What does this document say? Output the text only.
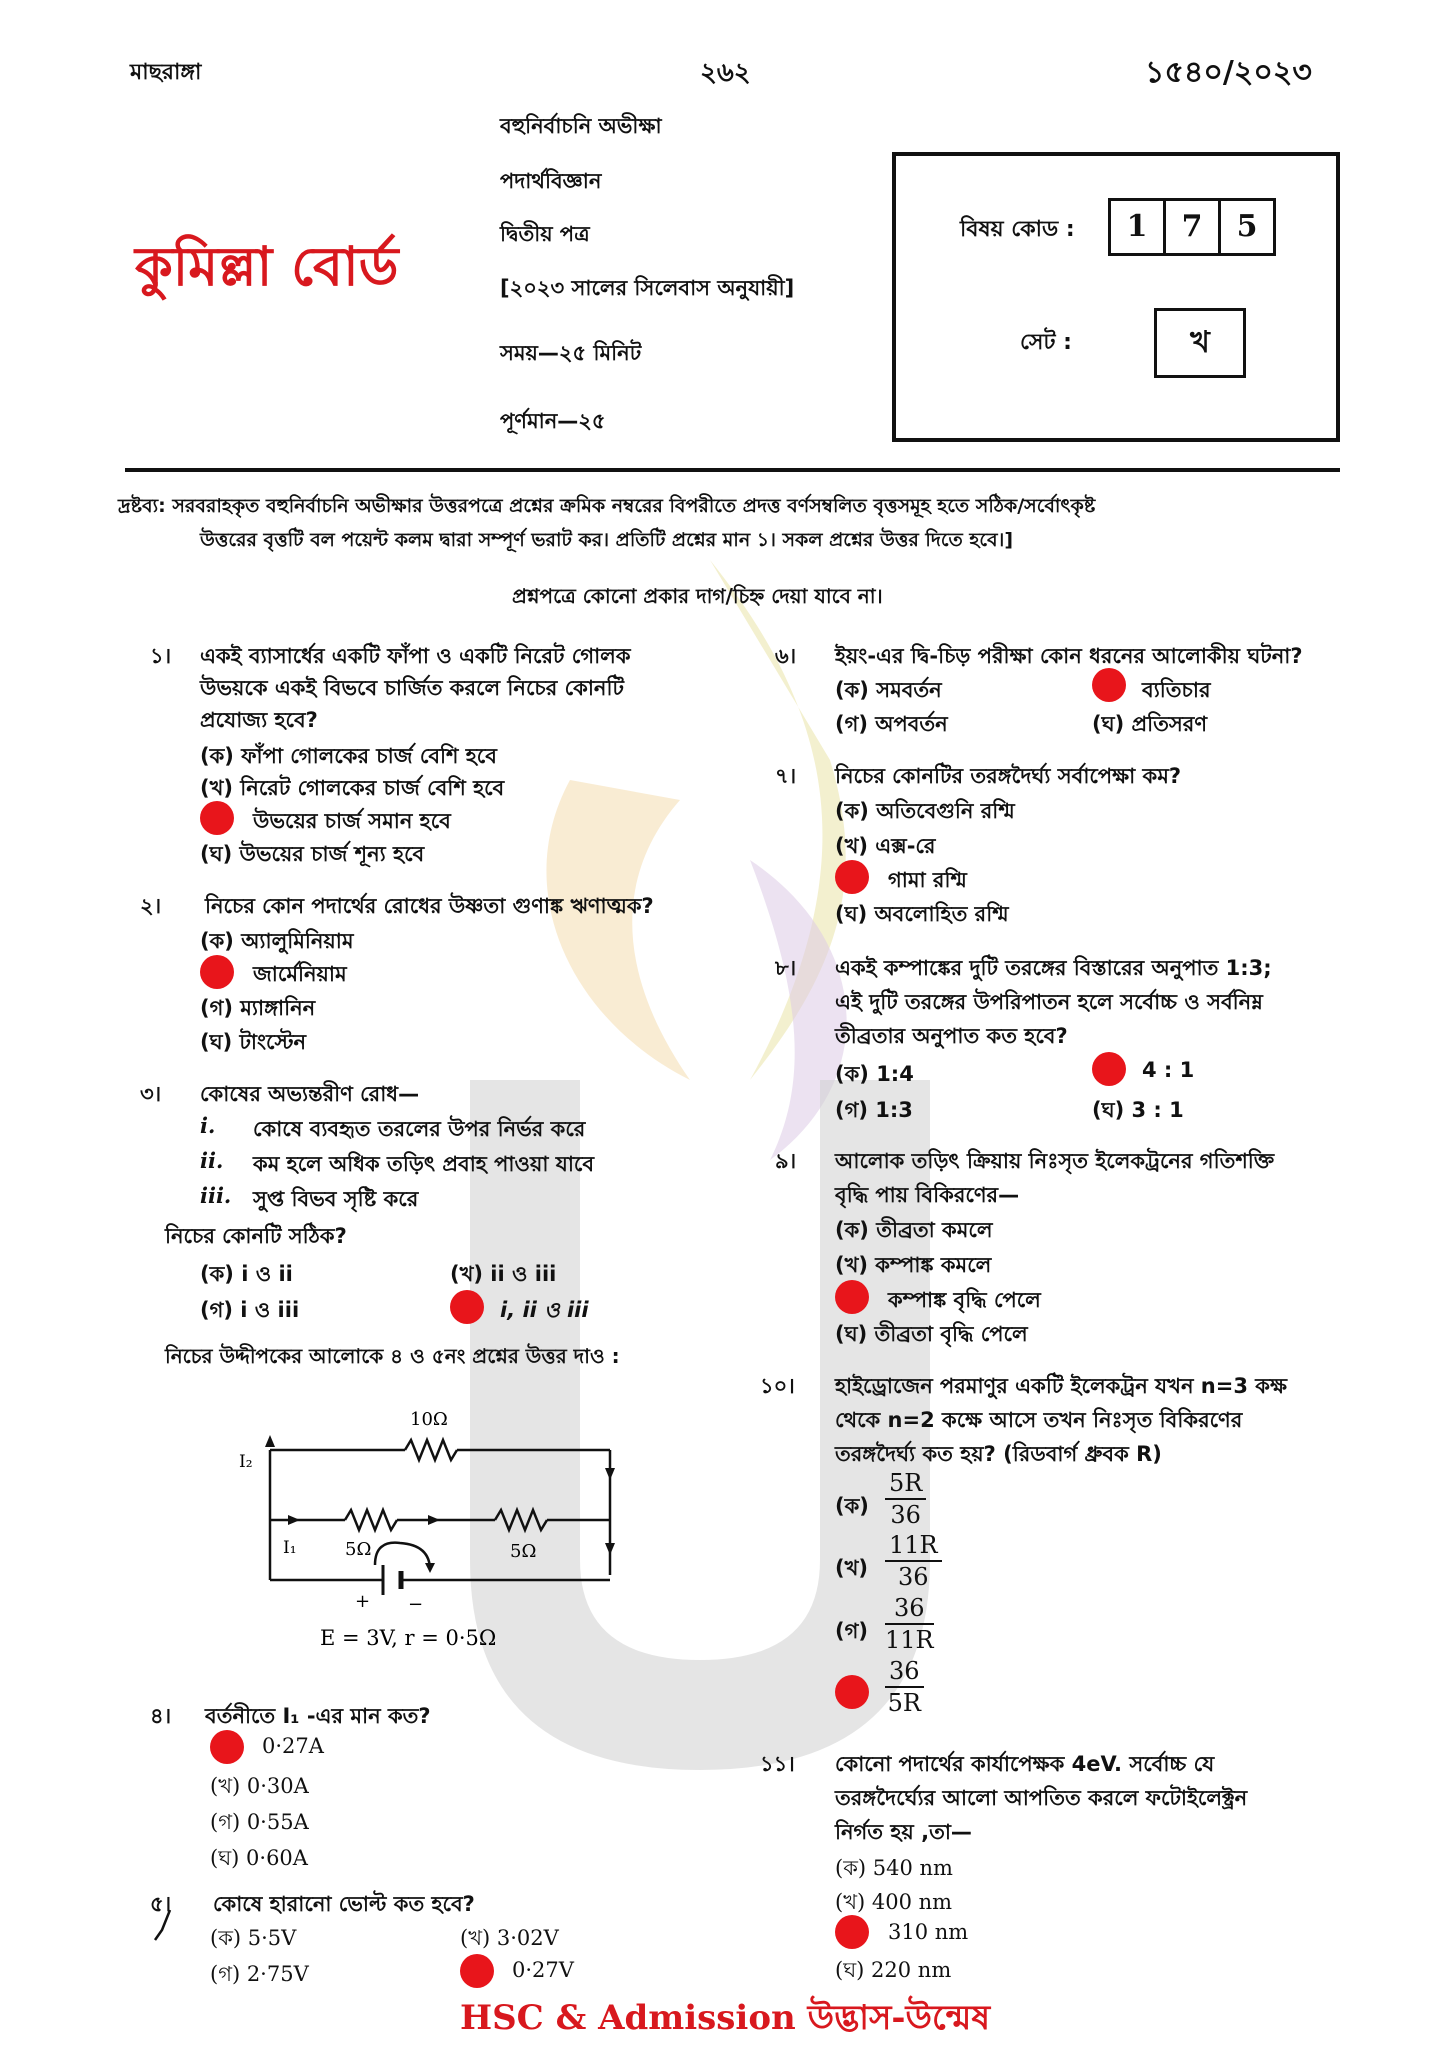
মাছরাঙ্গা	২৬২	১৫৪০/২০২৩
কুমিল্লা বোর্ড
বহুনির্বাচনি অভীক্ষা
পদার্থবিজ্ঞান
দ্বিতীয় পত্র
[২০২৩ সালের সিলেবাস অনুযায়ী]
সময়—২৫ মিনিট
পূর্ণমান—২৫
বিষয় কোড :	1	7	5
সেট :	খ
দ্রষ্টব্য: সরবরাহকৃত বহুনির্বাচনি অভীক্ষার উত্তরপত্রে প্রশ্নের ক্রমিক নম্বরের বিপরীতে প্রদত্ত বর্ণসম্বলিত বৃত্তসমূহ হতে সঠিক/সর্বোৎকৃষ্ট
উত্তরের বৃত্তটি বল পয়েন্ট কলম দ্বারা সম্পূর্ণ ভরাট কর। প্রতিটি প্রশ্নের মান ১। সকল প্রশ্নের উত্তর দিতে হবে।]
প্রশ্নপত্রে কোনো প্রকার দাগ/চিহ্ন দেয়া যাবে না।
১। একই ব্যাসার্ধের একটি ফাঁপা ও একটি নিরেট গোলক
উভয়কে একই বিভবে চার্জিত করলে নিচের কোনটি
প্রযোজ্য হবে?
(ক) ফাঁপা গোলকের চার্জ বেশি হবে
(খ) নিরেট গোলকের চার্জ বেশি হবে
উভয়ের চার্জ সমান হবে
(ঘ) উভয়ের চার্জ শূন্য হবে
২। নিচের কোন পদার্থের রোধের উষ্ণতা গুণাঙ্ক ঋণাত্মক?
(ক) অ্যালুমিনিয়াম
জার্মেনিয়াম
(গ) ম্যাঙ্গানিন
(ঘ) টাংস্টেন
৩। কোষের অভ্যন্তরীণ রোধ—
i. কোষে ব্যবহৃত তরলের উপর নির্ভর করে
ii. কম হলে অধিক তড়িৎ প্রবাহ পাওয়া যাবে
iii. সুপ্ত বিভব সৃষ্টি করে
নিচের কোনটি সঠিক?
(ক) i ও ii	(খ) ii ও iii
(গ) i ও iii	i, ii ও iii
নিচের উদ্দীপকের আলোকে ৪ ও ৫নং প্রশ্নের উত্তর দাও :
10Ω
I₂
I₁	5Ω	5Ω
+ −
E = 3V, r = 0·5Ω
৪। বর্তনীতে I₁ -এর মান কত?
0·27A
(খ) 0·30A
(গ) 0·55A
(ঘ) 0·60A
৫। কোষে হারানো ভোল্ট কত হবে?
(ক) 5·5V	(খ) 3·02V
(গ) 2·75V	0·27V
৬। ইয়ং-এর দ্বি-চিড় পরীক্ষা কোন ধরনের আলোকীয় ঘটনা?
(ক) সমবর্তন	ব্যতিচার
(গ) অপবর্তন	(ঘ) প্রতিসরণ
৭। নিচের কোনটির তরঙ্গদৈর্ঘ্য সর্বাপেক্ষা কম?
(ক) অতিবেগুনি রশ্মি
(খ) এক্স-রে
গামা রশ্মি
(ঘ) অবলোহিত রশ্মি
৮। একই কম্পাঙ্কের দুটি তরঙ্গের বিস্তারের অনুপাত 1:3;
এই দুটি তরঙ্গের উপরিপাতন হলে সর্বোচ্চ ও সর্বনিম্ন
তীব্রতার অনুপাত কত হবে?
(ক) 1:4	4 : 1
(গ) 1:3	(ঘ) 3 : 1
৯। আলোক তড়িৎ ক্রিয়ায় নিঃসৃত ইলেকট্রনের গতিশক্তি
বৃদ্ধি পায় বিকিরণের—
(ক) তীব্রতা কমলে
(খ) কম্পাঙ্ক কমলে
কম্পাঙ্ক বৃদ্ধি পেলে
(ঘ) তীব্রতা বৃদ্ধি পেলে
১০। হাইড্রোজেন পরমাণুর একটি ইলেকট্রন যখন n=3 কক্ষ
থেকে n=2 কক্ষে আসে তখন নিঃসৃত বিকিরণের
তরঙ্গদৈর্ঘ্য কত হয়? (রিডবার্গ ধ্রুবক R)
(ক) $\frac{5R}{36}$
(খ) $\frac{11R}{36}$
(গ) $\frac{36}{11R}$
$\frac{36}{5R}$
১১। কোনো পদার্থের কার্যাপেক্ষক 4eV. সর্বোচ্চ যে
তরঙ্গদৈর্ঘ্যের আলো আপতিত করলে ফটোইলেক্ট্রন
নির্গত হয় ,তা—
(ক) 540 nm
(খ) 400 nm
310 nm
(ঘ) 220 nm
HSC & Admission উদ্ভাস-উন্মেষ
